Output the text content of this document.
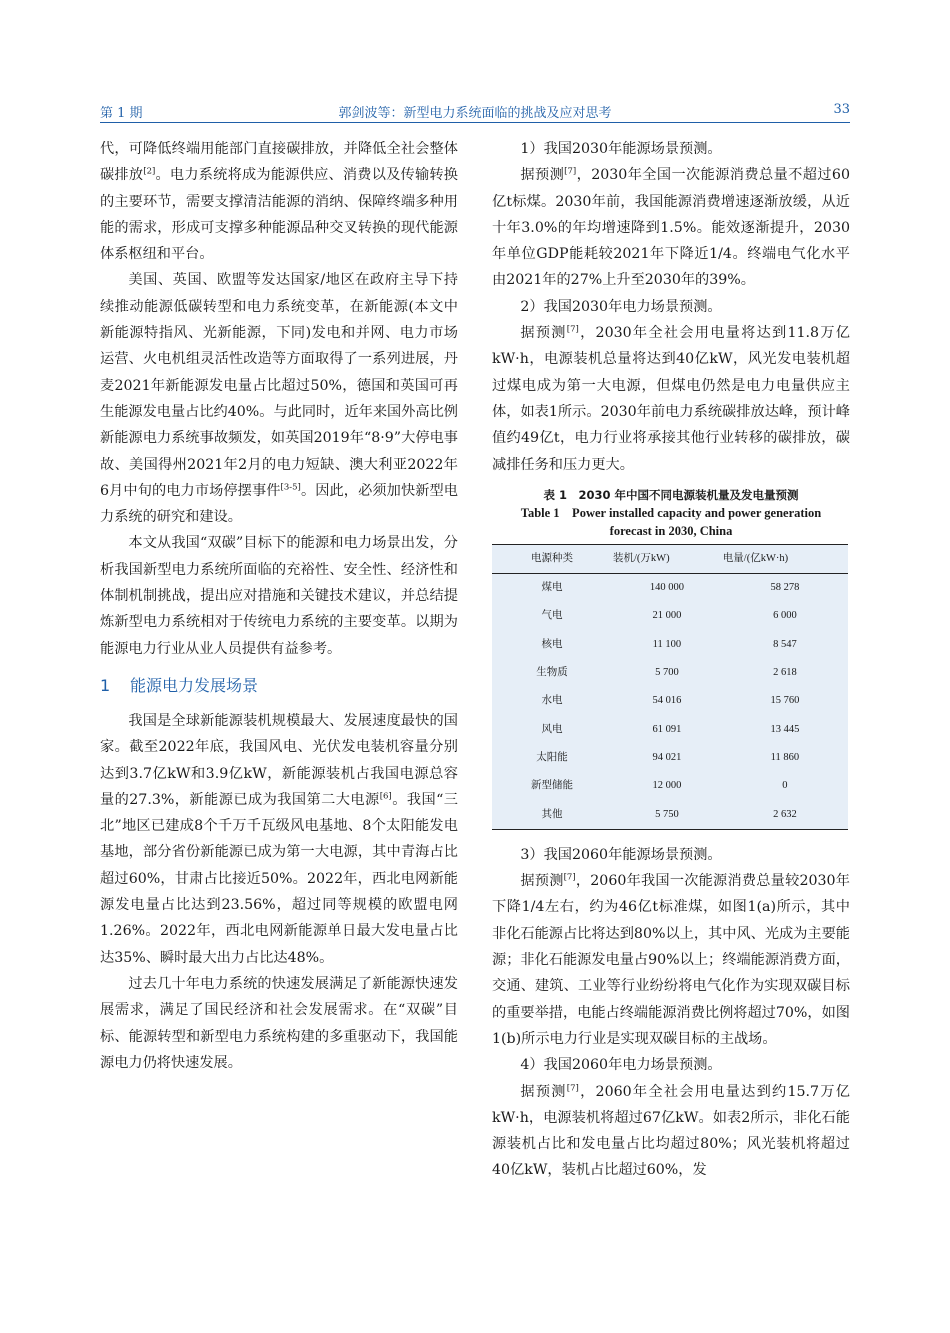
第 1 期	郭剑波等：新型电力系统面临的挑战及应对思考	33

代，可降低终端用能部门直接碳排放，并降低全社会整体碳排放[2]。电力系统将成为能源供应、消费以及传输转换的主要环节，需要支撑清洁能源的消纳、保障终端多种用能的需求，形成可支撑多种能源品种交叉转换的现代能源体系枢纽和平台。

美国、英国、欧盟等发达国家/地区在政府主导下持续推动能源低碳转型和电力系统变革，在新能源(本文中新能源特指风、光新能源，下同)发电和并网、电力市场运营、火电机组灵活性改造等方面取得了一系列进展，丹麦2021年新能源发电量占比超过50%，德国和英国可再生能源发电量占比约40%。与此同时，近年来国外高比例新能源电力系统事故频发，如英国2019年“8·9”大停电事故、美国得州2021年2月的电力短缺、澳大利亚2022年6月中旬的电力市场停摆事件[3-5]。因此，必须加快新型电力系统的研究和建设。

本文从我国“双碳”目标下的能源和电力场景出发，分析我国新型电力系统所面临的充裕性、安全性、经济性和体制机制挑战，提出应对措施和关键技术建议，并总结提炼新型电力系统相对于传统电力系统的主要变革。以期为能源电力行业从业人员提供有益参考。

1 能源电力发展场景

我国是全球新能源装机规模最大、发展速度最快的国家。截至2022年底，我国风电、光伏发电装机容量分别达到3.7亿kW和3.9亿kW，新能源装机占我国电源总容量的27.3%，新能源已成为我国第二大电源[6]。我国“三北”地区已建成8个千万千瓦级风电基地、8个太阳能发电基地，部分省份新能源已成为第一大电源，其中青海占比超过60%，甘肃占比接近50%。2022年，西北电网新能源发电量占比达到23.56%，超过同等规模的欧盟电网1.26%。2022年，西北电网新能源单日最大发电量占比达35%、瞬时最大出力占比达48%。

过去几十年电力系统的快速发展满足了新能源快速发展需求，满足了国民经济和社会发展需求。在“双碳”目标、能源转型和新型电力系统构建的多重驱动下，我国能源电力仍将快速发展。

1）我国2030年能源场景预测。

据预测[7]，2030年全国一次能源消费总量不超过60亿t标煤。2030年前，我国能源消费增速逐渐放缓，从近十年3.0%的年均增速降到1.5%。能效逐渐提升，2030年单位GDP能耗较2021年下降近1/4。终端电气化水平由2021年的27%上升至2030年的39%。

2）我国2030年电力场景预测。

据预测[7]，2030年全社会用电量将达到11.8万亿kW·h，电源装机总量将达到40亿kW，风光发电装机超过煤电成为第一大电源，但煤电仍然是电力电量供应主体，如表1所示。2030年前电力系统碳排放达峰，预计峰值约49亿t，电力行业将承接其他行业转移的碳排放，碳减排任务和压力更大。

表 1　2030 年中国不同电源装机量及发电量预测
Table 1　Power installed capacity and power generation
forecast in 2030, China
电源种类	装机/(万kW)	电量/(亿kW·h)
煤电	140 000	58 278
气电	21 000	6 000
核电	11 100	8 547
生物质	5 700	2 618
水电	54 016	15 760
风电	61 091	13 445
太阳能	94 021	11 860
新型储能	12 000	0
其他	5 750	2 632

3）我国2060年能源场景预测。

据预测[7]，2060年我国一次能源消费总量较2030年下降1/4左右，约为46亿t标准煤，如图1(a)所示，其中非化石能源占比将达到80%以上，其中风、光成为主要能源；非化石能源发电量占90%以上；终端能源消费方面，交通、建筑、工业等行业纷纷将电气化作为实现双碳目标的重要举措，电能占终端能源消费比例将超过70%，如图1(b)所示电力行业是实现双碳目标的主战场。

4）我国2060年电力场景预测。

据预测[7]，2060年全社会用电量达到约15.7万亿kW·h，电源装机将超过67亿kW。如表2所示，非化石能源装机占比和发电量占比均超过80%；风光装机将超过40亿kW，装机占比超过60%，发
